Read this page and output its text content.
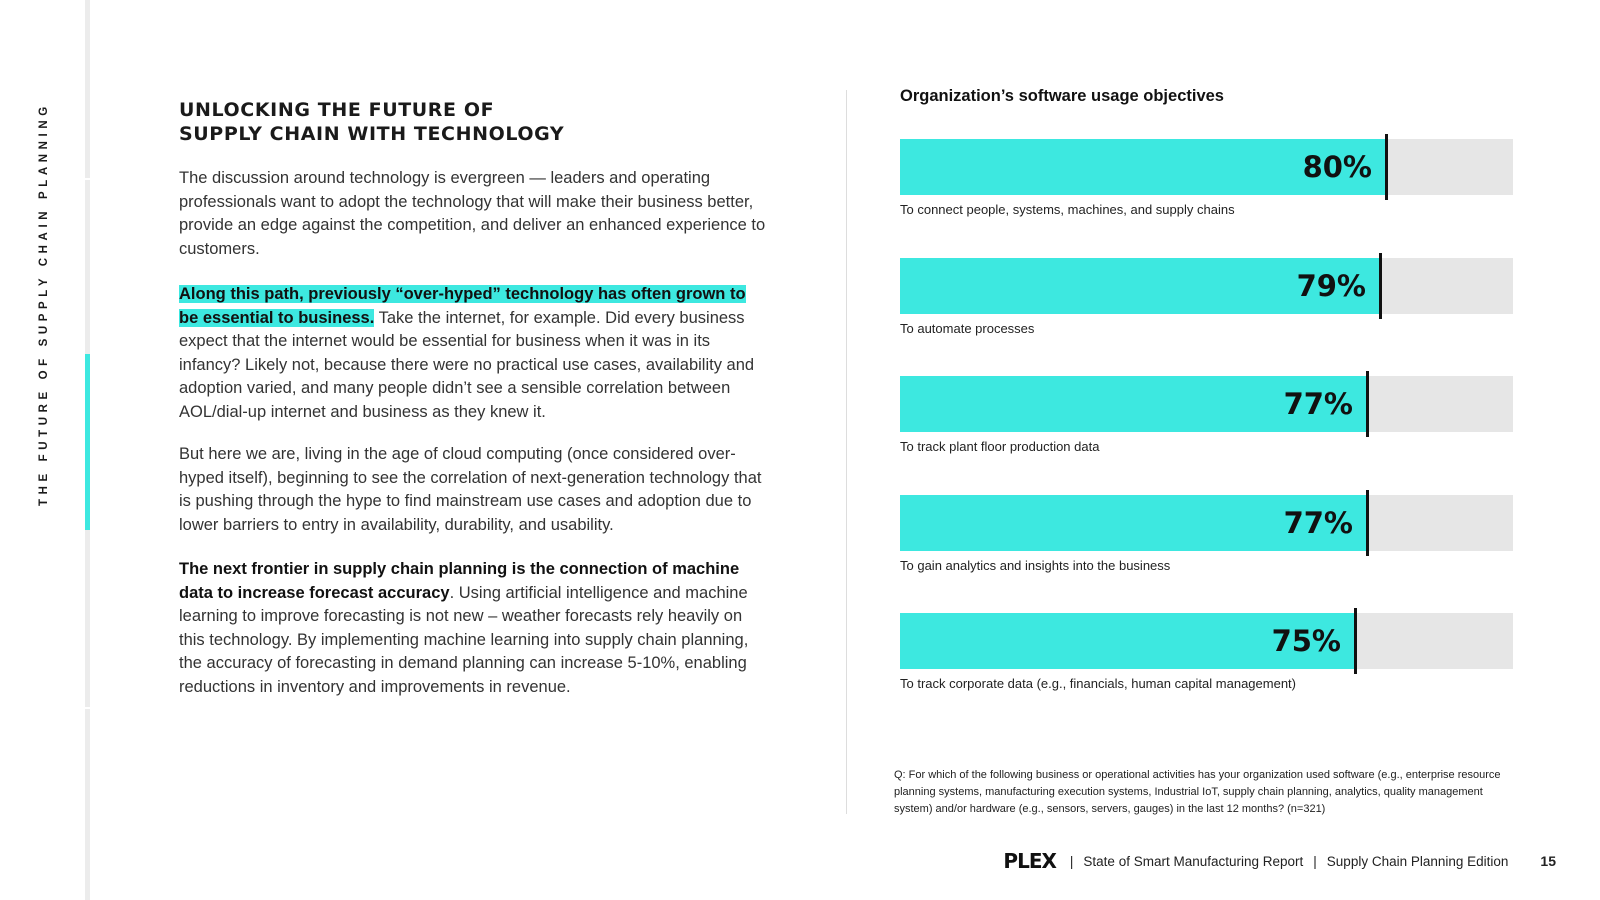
THE FUTURE OF SUPPLY CHAIN PLANNING	UNLOCKING THE FUTURE OF
SUPPLY CHAIN WITH TECHNOLOGY

The discussion around technology is evergreen — leaders and operating professionals want to adopt the technology that will make their business better, provide an edge against the competition, and deliver an enhanced experience to customers.

Along this path, previously “over-hyped” technology has often grown to be essential to business. Take the internet, for example. Did every business expect that the internet would be essential for business when it was in its infancy? Likely not, because there were no practical use cases, availability and adoption varied, and many people didn’t see a sensible correlation between AOL/dial-up internet and business as they knew it.

But here we are, living in the age of cloud computing (once considered over-hyped itself), beginning to see the correlation of next-generation technology that is pushing through the hype to find mainstream use cases and adoption due to lower barriers to entry in availability, durability, and usability.

The next frontier in supply chain planning is the connection of machine data to increase forecast accuracy. Using artificial intelligence and machine learning to improve forecasting is not new – weather forecasts rely heavily on this technology. By implementing machine learning into supply chain planning, the accuracy of forecasting in demand planning can increase 5-10%, enabling reductions in inventory and improvements in revenue.

Organization’s software usage objectives
80%
To connect people, systems, machines, and supply chains
79%
To automate processes
77%
To track plant floor production data
77%
To gain analytics and insights into the business
75%
To track corporate data (e.g., financials, human capital management)

Q: For which of the following business or operational activities has your organization used software (e.g., enterprise resource planning systems, manufacturing execution systems, Industrial IoT, supply chain planning, analytics, quality management system) and/or hardware (e.g., sensors, servers, gauges) in the last 12 months? (n=321)

PLEX | State of Smart Manufacturing Report | Supply Chain Planning Edition 15
